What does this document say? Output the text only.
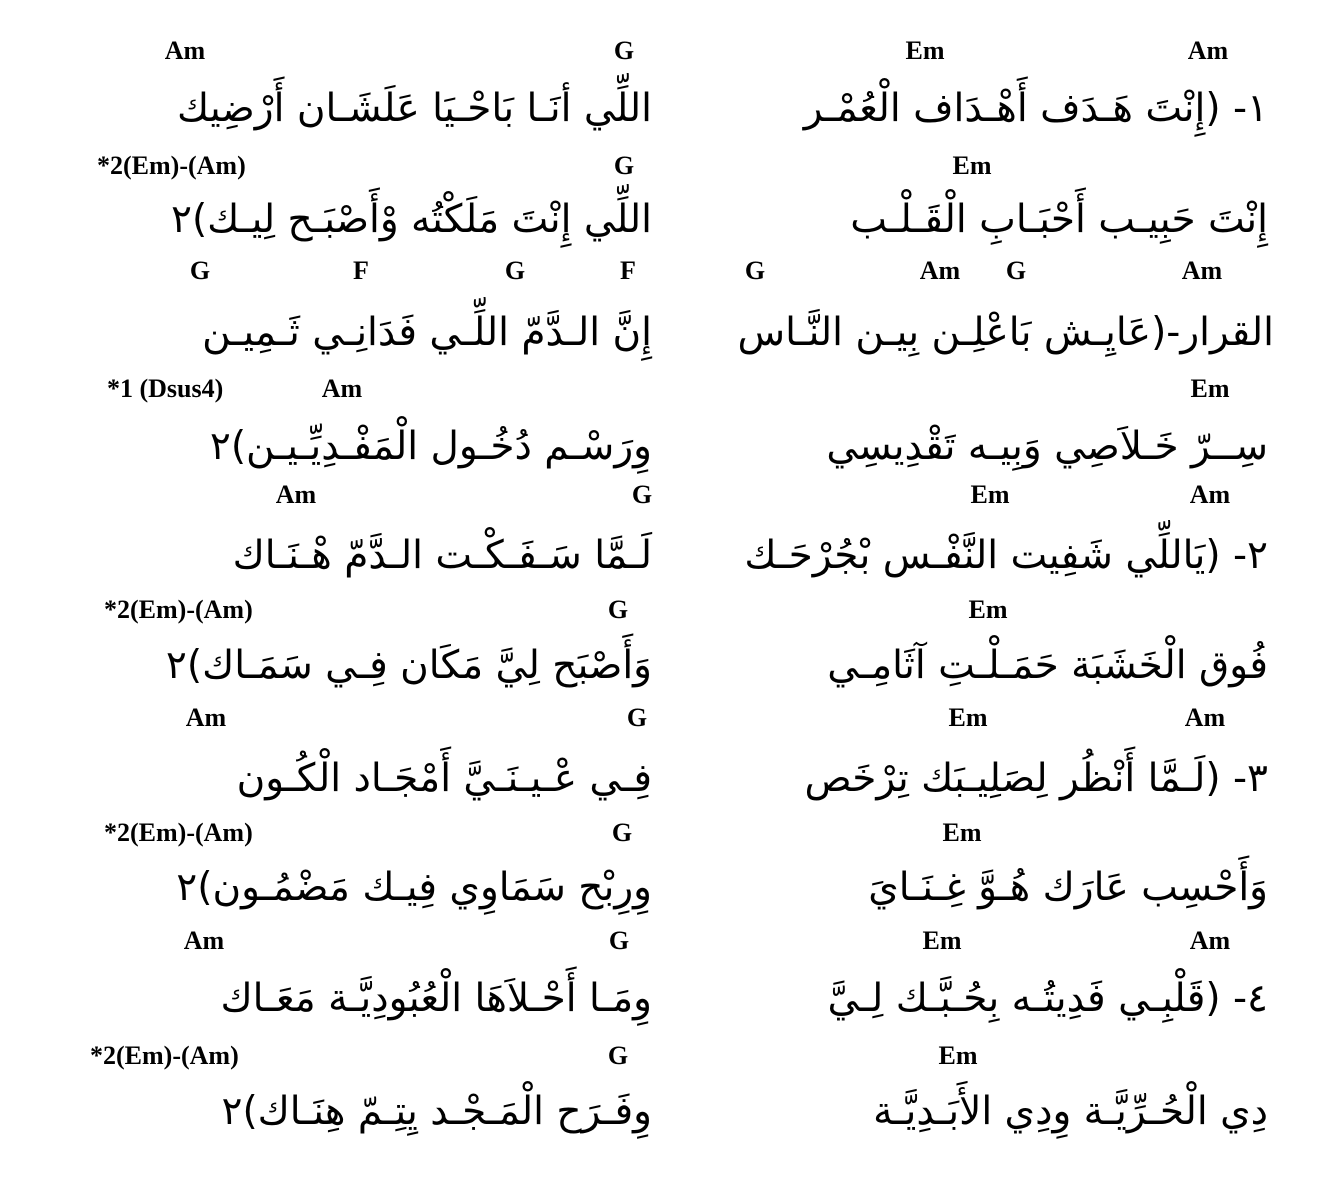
Am	G	Em	Am
اللِّي أنَـا بَاحْـيَا عَلَشَـان أَرْضِيك	١- (إِنْتَ هَـدَف أَهْـدَاف الْعُمْـر
*2(Em)-(Am)	G	Em
اللِّي إِنْتَ مَلَكْتُه وْأَصْبَـح لِيـك)٢	إِنْتَ حَبِيـب أَحْبَـابِ الْقَـلْـب
G	F	G	F	G	Am G	Am
إِنَّ الـدَّمّ اللِّـي فَدَانِـي ثَـمِيـن القرار-(عَايِـش بَاعْلِـن بِيـن النَّـاس
*1 (Dsus4)	Am	Em
وِرَسْـم دُخُـول الْمَفْـدِيِّـيـن)٢	سِــرّ خَـلاَصِي وَبِيـه تَقْدِيسِي
Am	G	Em	Am
لَـمَّا سَـفَـكْـت الـدَّمّ هْـنَـاك ٢- (يَاللِّي شَفِيت النَّفْـس بْجُرْحَـك
*2(Em)-(Am)	G	Em
وَأَصْبَح لِيَّ مَكَان فِـي سَمَـاك)٢	فُوق الْخَشَبَة حَمَـلْـتِ آثَامِـي
Am	G	Em	Am
فِـي عْـيـنَـيَّ أَمْجَـاد الْكُـون	٣- (لَـمَّا أَنْظُر لِصَلِيـبَك تِرْخَص
*2(Em)-(Am)	G	Em
وِرِبْح سَمَاوِي فِيـك مَضْمُـون)٢	وَأَحْسِب عَارَك هُـوَّ غِـنَـايَ
Am	G	Em	Am
وِمَـا أَحْـلاَهَا الْعُبُودِيَّـة مَعَـاك	٤- (قَلْبِـي فَدِيتُـه بِحُـبَّـك لِـيَّ
*2(Em)-(Am)	G	Em
وِفَـرَح الْمَـجْـد يِتِـمّ هِنَـاك)٢	دِي الْحُـرِّيَّـة وِدِي الأَبَـدِيَّـة
